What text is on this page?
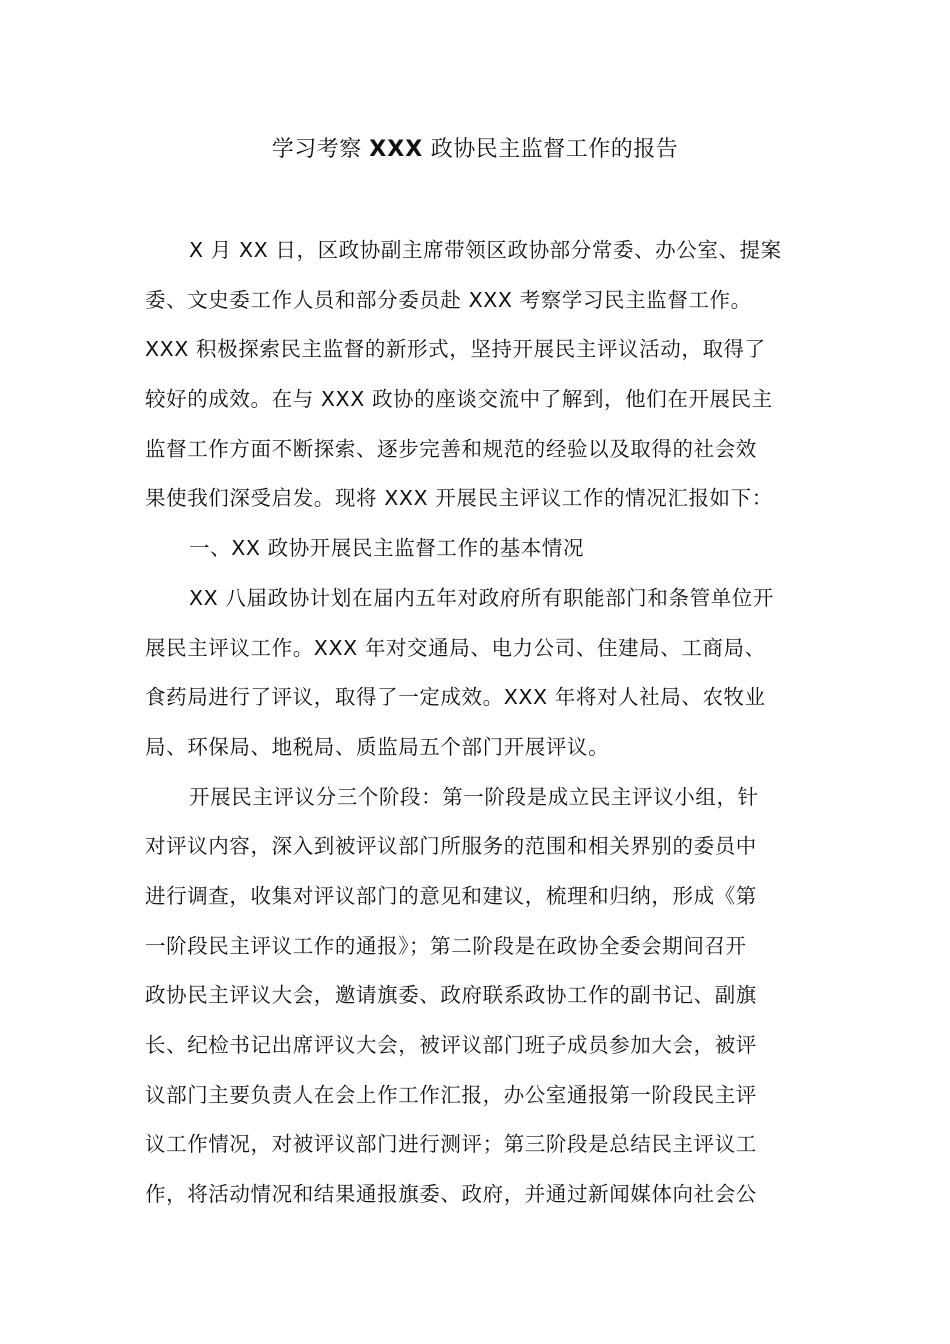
学习考察 XXX 政协民主监督工作的报告
X 月 XX 日，区政协副主席带领区政协部分常委、办公室、提案
委、文史委工作人员和部分委员赴 XXX 考察学习民主监督工作。
XXX 积极探索民主监督的新形式，坚持开展民主评议活动，取得了
较好的成效。在与 XXX 政协的座谈交流中了解到，他们在开展民主
监督工作方面不断探索、逐步完善和规范的经验以及取得的社会效
果使我们深受启发。现将 XXX 开展民主评议工作的情况汇报如下：
一、XX 政协开展民主监督工作的基本情况
XX 八届政协计划在届内五年对政府所有职能部门和条管单位开
展民主评议工作。XXX 年对交通局、电力公司、住建局、工商局、
食药局进行了评议，取得了一定成效。XXX 年将对人社局、农牧业
局、环保局、地税局、质监局五个部门开展评议。
开展民主评议分三个阶段：第一阶段是成立民主评议小组，针
对评议内容，深入到被评议部门所服务的范围和相关界别的委员中
进行调查，收集对评议部门的意见和建议，梳理和归纳，形成《第
一阶段民主评议工作的通报》；第二阶段是在政协全委会期间召开
政协民主评议大会，邀请旗委、政府联系政协工作的副书记、副旗
长、纪检书记出席评议大会，被评议部门班子成员参加大会，被评
议部门主要负责人在会上作工作汇报，办公室通报第一阶段民主评
议工作情况，对被评议部门进行测评；第三阶段是总结民主评议工
作，将活动情况和结果通报旗委、政府，并通过新闻媒体向社会公
